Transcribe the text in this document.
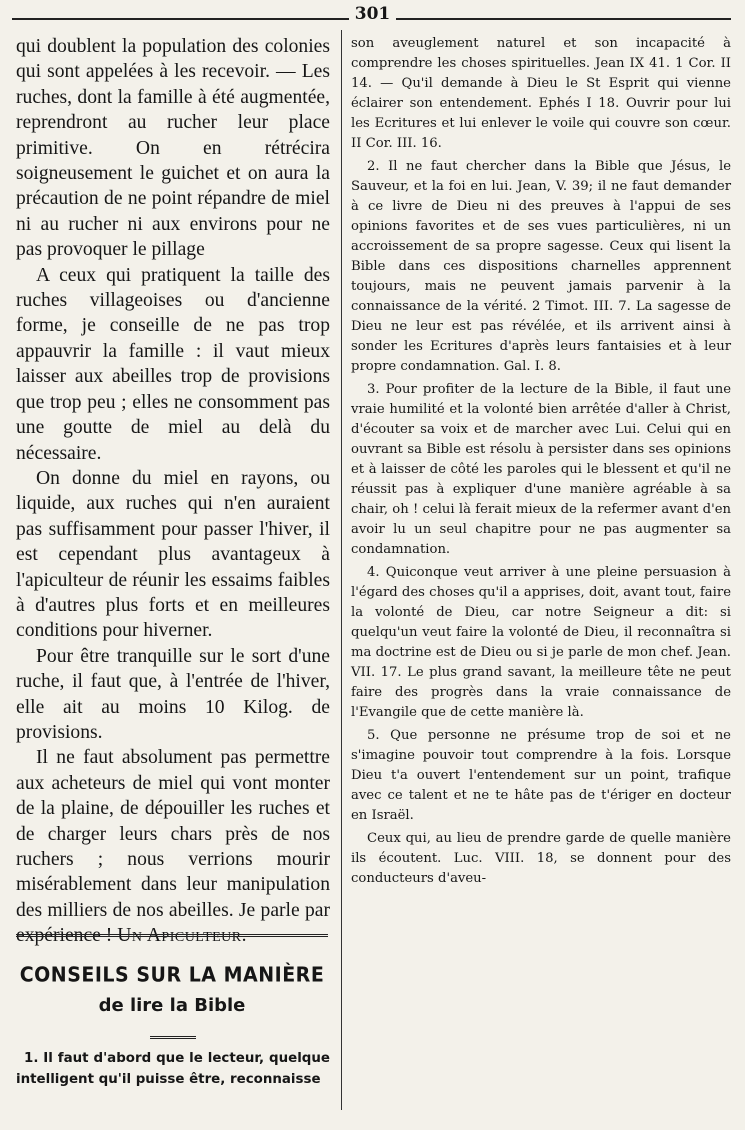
301

qui doublent la population des colonies qui sont appelées à les recevoir. — Les ruches, dont la famille à été augmentée, reprendront au rucher leur place primitive. On en rétrécira soigneusement le guichet et on aura la précaution de ne point répandre de miel ni au rucher ni aux environs pour ne pas provoquer le pillage

A ceux qui pratiquent la taille des ruches villageoises ou d'ancienne forme, je conseille de ne pas trop appauvrir la famille : il vaut mieux laisser aux abeilles trop de provisions que trop peu ; elles ne consomment pas une goutte de miel au delà du nécessaire.

On donne du miel en rayons, ou liquide, aux ruches qui n'en auraient pas suffisamment pour passer l'hiver, il est cependant plus avantageux à l'apiculteur de réunir les essaims faibles à d'autres plus forts et en meilleures conditions pour hiverner.

Pour être tranquille sur le sort d'une ruche, il faut que, à l'entrée de l'hiver, elle ait au moins 10 Kilog. de provisions.

Il ne faut absolument pas permettre aux acheteurs de miel qui vont monter de la plaine, de dépouiller les ruches et de charger leurs chars près de nos ruchers ; nous verrions mourir misérablement dans leur manipulation des milliers de nos abeilles. Je parle par expérience ! Un Apiculteur.

CONSEILS SUR LA MANIÈRE
de lire la Bible

1. Il faut d'abord que le lecteur, quelque intelligent qu'il puisse être, reconnaisse

son aveuglement naturel et son incapacité à comprendre les choses spirituelles. Jean IX 41. 1 Cor. II 14. — Qu'il demande à Dieu le St Esprit qui vienne éclairer son entendement. Ephés I 18. Ouvrir pour lui les Ecritures et lui enlever le voile qui couvre son cœur. II Cor. III. 16.

2. Il ne faut chercher dans la Bible que Jésus, le Sauveur, et la foi en lui. Jean, V. 39; il ne faut demander à ce livre de Dieu ni des preuves à l'appui de ses opinions favorites et de ses vues particulières, ni un accroissement de sa propre sagesse. Ceux qui lisent la Bible dans ces dispositions charnelles apprennent toujours, mais ne peuvent jamais parvenir à la connaissance de la vérité. 2 Timot. III. 7. La sagesse de Dieu ne leur est pas révélée, et ils arrivent ainsi à sonder les Ecritures d'après leurs fantaisies et à leur propre condamnation. Gal. I. 8.

3. Pour profiter de la lecture de la Bible, il faut une vraie humilité et la volonté bien arrêtée d'aller à Christ, d'écouter sa voix et de marcher avec Lui. Celui qui en ouvrant sa Bible est résolu à persister dans ses opinions et à laisser de côté les paroles qui le blessent et qu'il ne réussit pas à expliquer d'une manière agréable à sa chair, oh ! celui là ferait mieux de la refermer avant d'en avoir lu un seul chapitre pour ne pas augmenter sa condamnation.

4. Quiconque veut arriver à une pleine persuasion à l'égard des choses qu'il a apprises, doit, avant tout, faire la volonté de Dieu, car notre Seigneur a dit: si quelqu'un veut faire la volonté de Dieu, il reconnaîtra si ma doctrine est de Dieu ou si je parle de mon chef. Jean. VII. 17. Le plus grand savant, la meilleure tête ne peut faire des progrès dans la vraie connaissance de l'Evangile que de cette manière là.

5. Que personne ne présume trop de soi et ne s'imagine pouvoir tout comprendre à la fois. Lorsque Dieu t'a ouvert l'entendement sur un point, trafique avec ce talent et ne te hâte pas de t'ériger en docteur en Israël.

Ceux qui, au lieu de prendre garde de quelle manière ils écoutent. Luc. VIII. 18, se donnent pour des conducteurs d'aveu-
